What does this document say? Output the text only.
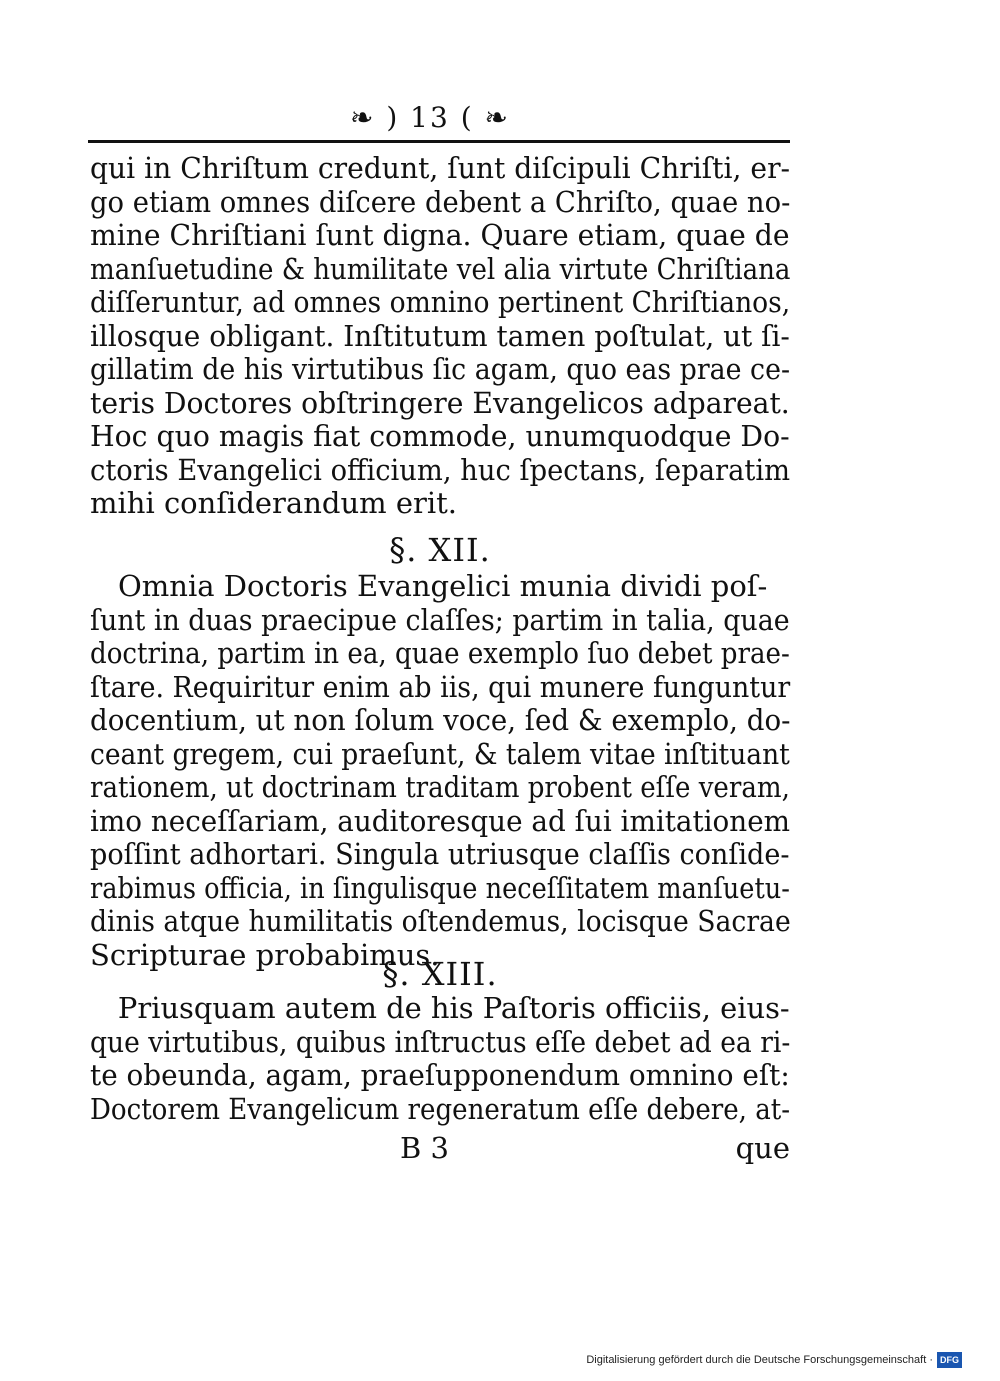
❧ ) 13 ( ❧
qui in Chriſtum credunt, ſunt diſcipuli Chriſti, er-
go etiam omnes diſcere debent a Chriſto, quae no-
mine Chriſtiani ſunt digna. Quare etiam, quae de
manſuetudine & humilitate vel alia virtute Chriſtiana
diſſeruntur, ad omnes omnino pertinent Chriſtianos,
illosque obligant. Inſtitutum tamen poſtulat, ut ſi-
gillatim de his virtutibus ſic agam, quo eas prae ce-
teris Doctores obſtringere Evangelicos adpareat.
Hoc quo magis fiat commode, unumquodque Do-
ctoris Evangelici officium, huc ſpectans, ſeparatim
mihi conſiderandum erit.
§. XII.
Omnia Doctoris Evangelici munia dividi poſ-
ſunt in duas praecipue claſſes; partim in talia, quae
doctrina, partim in ea, quae exemplo ſuo debet prae-
ſtare. Requiritur enim ab iis, qui munere funguntur
docentium, ut non ſolum voce, ſed & exemplo, do-
ceant gregem, cui praeſunt, & talem vitae inſtituant
rationem, ut doctrinam traditam probent eſſe veram,
imo neceſſariam, auditoresque ad ſui imitationem
poſſint adhortari. Singula utriusque claſſis conſide-
rabimus officia, in ſingulisque neceſſitatem manſuetu-
dinis atque humilitatis oſtendemus, locisque Sacrae
Scripturae probabimus.
§. XIII.
Priusquam autem de his Paſtoris officiis, eius-
que virtutibus, quibus inſtructus eſſe debet ad ea ri-
te obeunda, agam, praeſupponendum omnino eſt:
Doctorem Evangelicum regeneratum eſſe debere, at-
B 3	que
Digitalisierung gefördert durch die Deutsche Forschungsgemeinschaft · DFG
